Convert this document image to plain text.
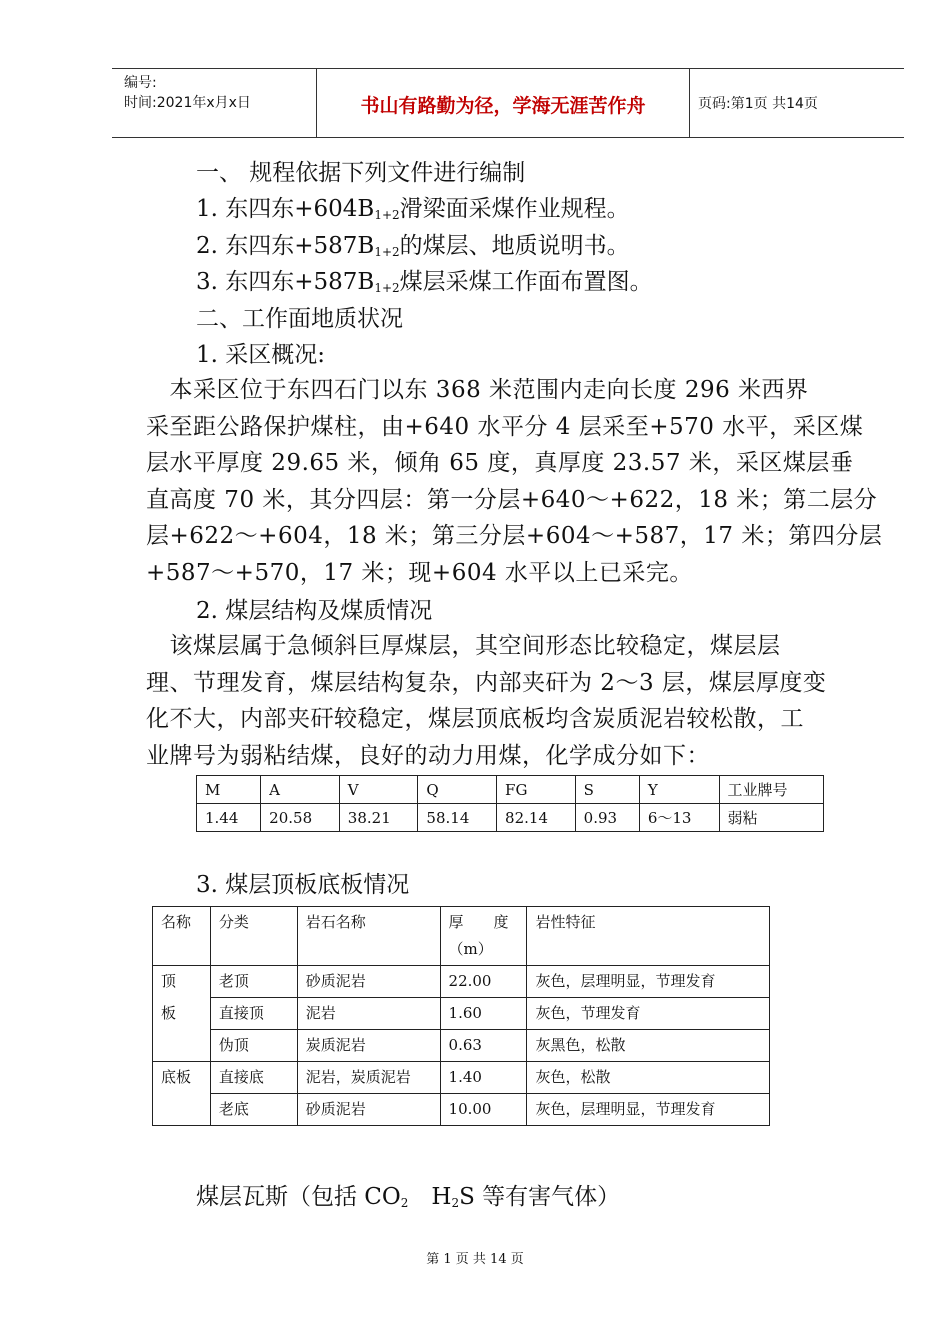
编号:
时间:2021年x月x日	书山有路勤为径，学海无涯苦作舟	页码:第1页 共14页
一、 规程依据下列文件进行编制
1. 东四东$+604B_{1+2}$滑梁面采煤作业规程。
2. 东四东$+587B_{1+2}$的煤层、地质说明书。
3. 东四东$+587B_{1+2}$煤层采煤工作面布置图。
二、工作面地质状况
1. 采区概况:
　本采区位于东四石门以东 368 米范围内走向长度 296 米西界
采至距公路保护煤柱，由+640 水平分 4 层采至+570 水平，采区煤
层水平厚度 29.65 米，倾角 65 度，真厚度 23.57 米，采区煤层垂
直高度 70 米，其分四层：第一分层+640～+622，18 米；第二层分
层+622～+604，18 米；第三分层+604～+587，17 米；第四分层
+587～+570，17 米；现+604 水平以上已采完。
2. 煤层结构及煤质情况
　该煤层属于急倾斜巨厚煤层，其空间形态比较稳定，煤层层
理、节理发育，煤层结构复杂，内部夹矸为 2～3 层，煤层厚度变
化不大，内部夹矸较稳定，煤层顶底板均含炭质泥岩较松散，工
业牌号为弱粘结煤，良好的动力用煤，化学成分如下：
M	A	V	Q	FG	S	Y	工业牌号
1.44	20.58	38.21	58.14	82.14	0.93	6～13	弱粘
3. 煤层顶板底板情况
名称	分类	岩石名称	厚　　度（m）	岩性特征
顶	老顶	砂质泥岩	22.00	灰色，层理明显，节理发育
板	直接顶	泥岩	1.60	灰色，节理发育
	伪顶	炭质泥岩	0.63	灰黑色，松散
底板	直接底	泥岩，炭质泥岩	1.40	灰色，松散
	老底	砂质泥岩	10.00	灰色，层理明显，节理发育
煤层瓦斯（包括 $CO_2$　$H_2S$ 等有害气体）
第 1 页 共 14 页
